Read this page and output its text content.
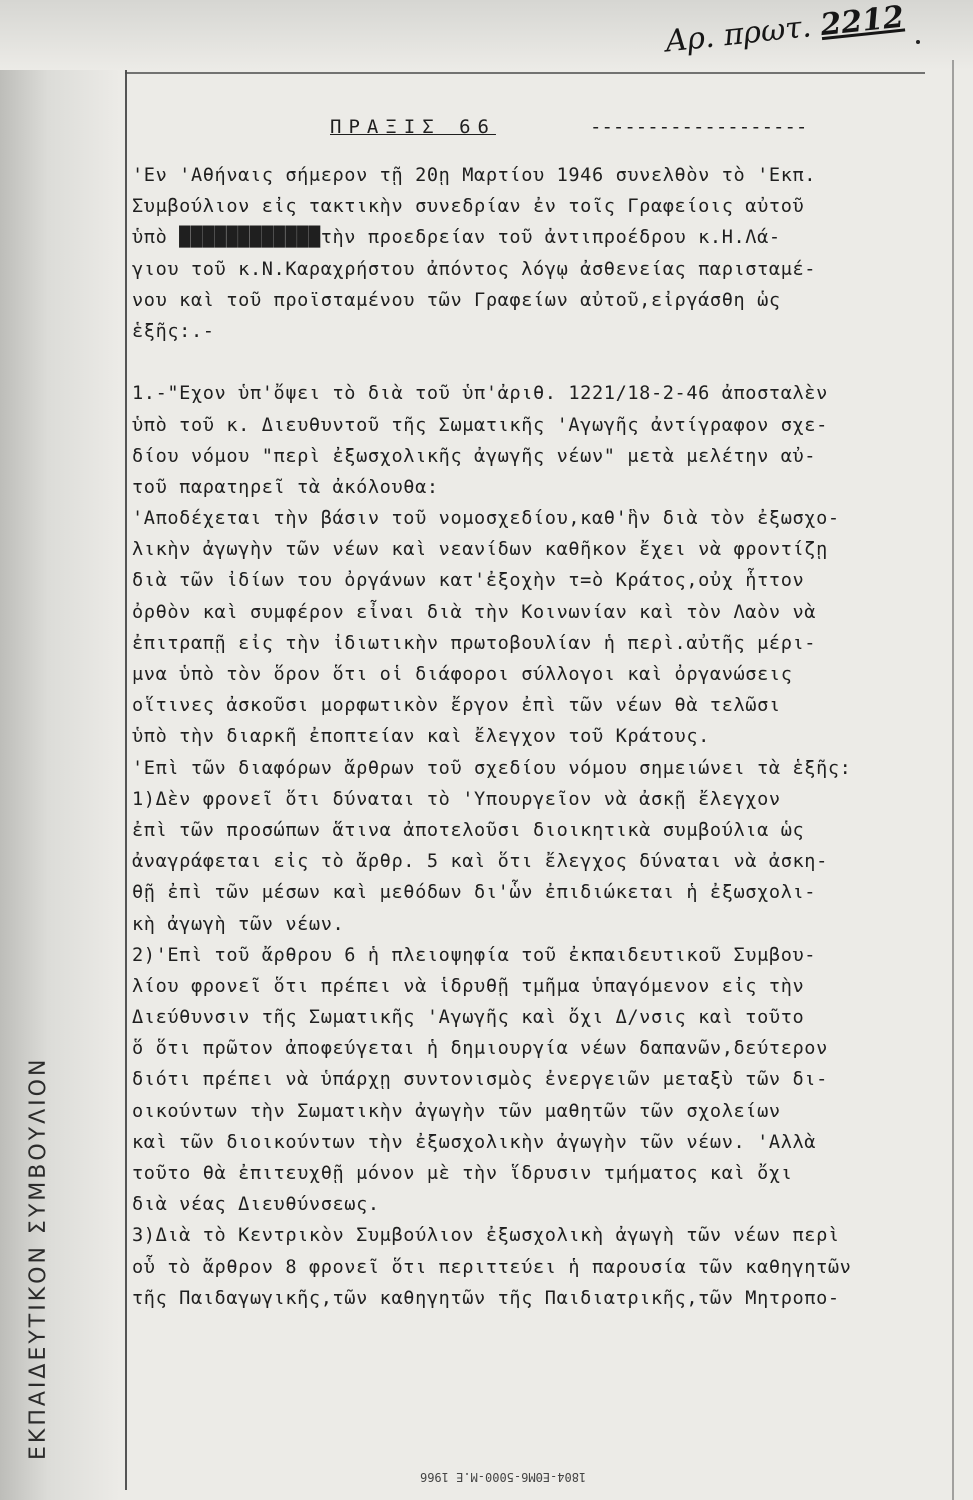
ΕΚΠΑΙΔΕΥΤΙΚΟΝ ΣΥΜΒΟΥΛΙΟΝ
Αρ. πρωτ. 2212
ΠΡΑΞΙΣ 66	-------------------
'Εν 'Αθήναις σήμερον τῇ 20ῃ Μαρτίου 1946 συνελθὸν τὸ 'Εκπ.
Συμβούλιον εἰς τακτικὴν συνεδρίαν ἐν τοῖς Γραφείοις αὐτοῦ
ὑπὸ ████████████τὴν προεδρείαν τοῦ ἀντιπροέδρου κ.Η.Λά-
γιου τοῦ κ.Ν.Καραχρήστου ἀπόντος λόγῳ ἀσθενείας παρισταμέ-
νου καὶ τοῦ προϊσταμένου τῶν Γραφείων αὐτοῦ,εἰργάσθη ὡς
ἑξῆς:.-
1.-"Εχον ὑπ'ὄψει τὸ διὰ τοῦ ὑπ'ἀριθ. 1221/18-2-46 ἀποσταλὲν
ὑπὸ τοῦ κ. Διευθυντοῦ τῆς Σωματικῆς 'Αγωγῆς ἀντίγραφον σχε-
δίου νόμου "περὶ ἐξωσχολικῆς ἀγωγῆς νέων" μετὰ μελέτην αὐ-
τοῦ παρατηρεῖ τὰ ἀκόλουθα:
'Αποδέχεται τὴν βάσιν τοῦ νομοσχεδίου,καθ'ἣν διὰ τὸν ἐξωσχο-
λικὴν ἀγωγὴν τῶν νέων καὶ νεανίδων καθῆκον ἔχει νὰ φροντίζῃ
διὰ τῶν ἰδίων του ὀργάνων κατ'ἐξοχὴν τ=ὸ Κράτος,οὐχ ἧττον
ὀρθὸν καὶ συμφέρον εἶναι διὰ τὴν Κοινωνίαν καὶ τὸν Λαὸν νὰ
ἐπιτραπῇ εἰς τὴν ἰδιωτικὴν πρωτοβουλίαν ἡ περὶ.αὐτῆς μέρι-
μνα ὑπὸ τὸν ὅρον ὅτι οἱ διάφοροι σύλλογοι καὶ ὀργανώσεις
οἵτινες ἀσκοῦσι μορφωτικὸν ἔργον ἐπὶ τῶν νέων θὰ τελῶσι
ὑπὸ τὴν διαρκῆ ἐποπτείαν καὶ ἔλεγχον τοῦ Κράτους.
'Επὶ τῶν διαφόρων ἄρθρων τοῦ σχεδίου νόμου σημειώνει τὰ ἑξῆς:
1)Δὲν φρονεῖ ὅτι δύναται τὸ 'Υπουργεῖον νὰ ἀσκῇ ἔλεγχον
ἐπὶ τῶν προσώπων ἅτινα ἀποτελοῦσι διοικητικὰ συμβούλια ὡς
ἀναγράφεται εἰς τὸ ἄρθρ. 5 καὶ ὅτι ἔλεγχος δύναται νὰ ἀσκη-
θῇ ἐπὶ τῶν μέσων καὶ μεθόδων δι'ὧν ἐπιδιώκεται ἡ ἐξωσχολι-
κὴ ἀγωγὴ τῶν νέων.
2)'Επὶ τοῦ ἄρθρου 6 ἡ πλειοψηφία τοῦ ἐκπαιδευτικοῦ Συμβου-
λίου φρονεῖ ὅτι πρέπει νὰ ἱδρυθῇ τμῆμα ὑπαγόμενον εἰς τὴν
Διεύθυνσιν τῆς Σωματικῆς 'Αγωγῆς καὶ ὄχι Δ/νσις καὶ τοῦτο
ὅ ὅτι πρῶτον ἀποφεύγεται ἡ δημιουργία νέων δαπανῶν,δεύτερον
διότι πρέπει νὰ ὑπάρχῃ συντονισμὸς ἐνεργειῶν μεταξὺ τῶν δι-
οικούντων τὴν Σωματικὴν ἀγωγὴν τῶν μαθητῶν τῶν σχολείων
καὶ τῶν διοικούντων τὴν ἐξωσχολικὴν ἀγωγὴν τῶν νέων. 'Αλλὰ
τοῦτο θὰ ἐπιτευχθῇ μόνον μὲ τὴν ἵδρυσιν τμήματος καὶ ὄχι
διὰ νέας Διευθύνσεως.
3)Διὰ τὸ Κεντρικὸν Συμβούλιον ἐξωσχολικὴ ἀγωγὴ τῶν νέων περὶ
οὗ τὸ ἄρθρον 8 φρονεῖ ὅτι περιττεύει ἡ παρουσία τῶν καθηγητῶν
τῆς Παιδαγωγικῆς,τῶν καθηγητῶν τῆς Παιδιατρικῆς,τῶν Μητροπο-
1804-ΕΘΜ6-5000-Μ.Ε 1966
